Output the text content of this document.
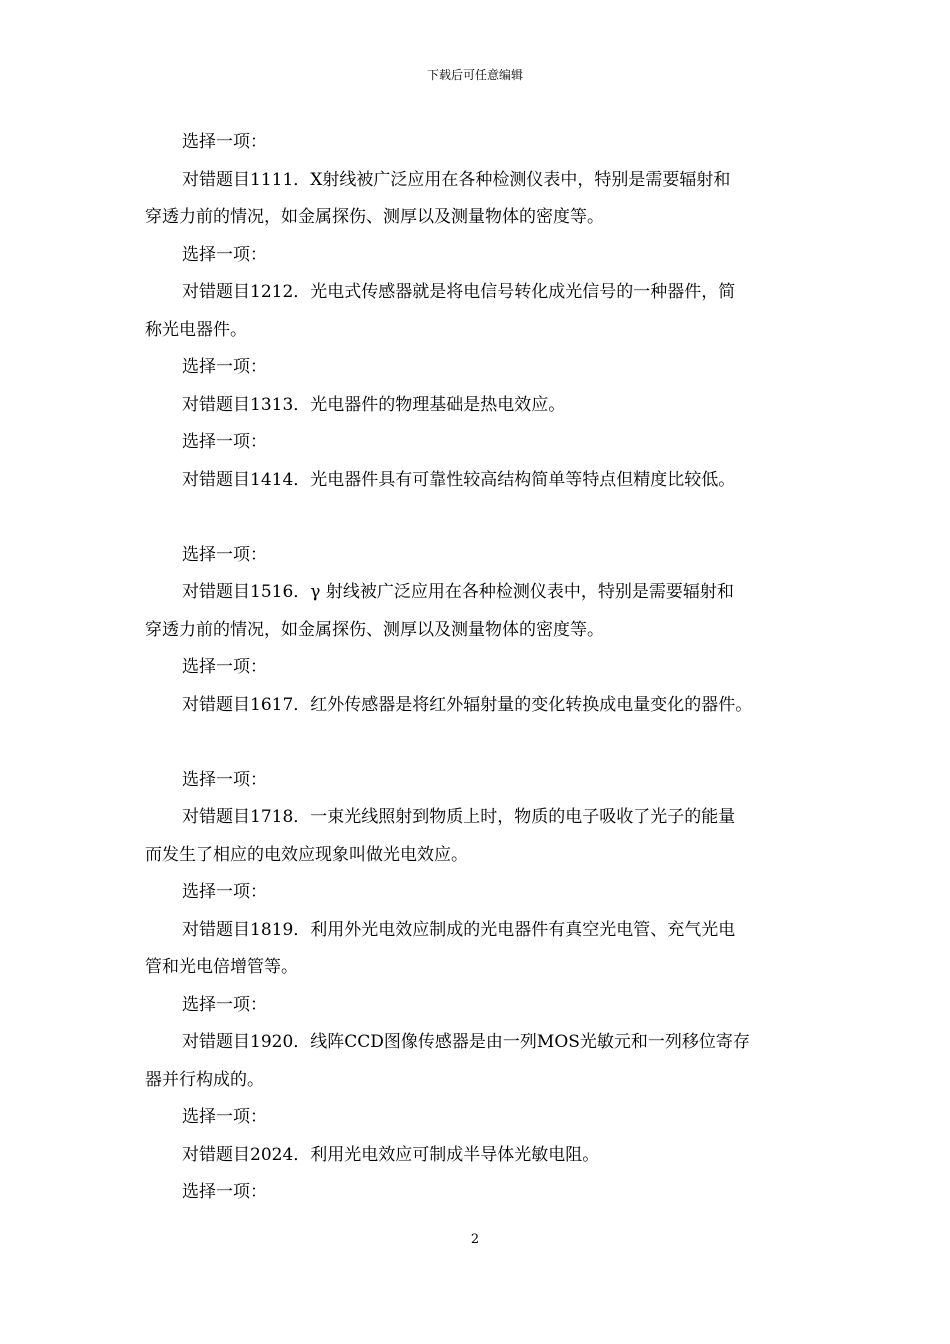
下载后可任意编辑
选择一项：
对错题目1111．X射线被广泛应用在各种检测仪表中，特别是需要辐射和
穿透力前的情况，如金属探伤、测厚以及测量物体的密度等。
选择一项：
对错题目1212．光电式传感器就是将电信号转化成光信号的一种器件，简
称光电器件。
选择一项：
对错题目1313．光电器件的物理基础是热电效应。
选择一项：
对错题目1414．光电器件具有可靠性较高结构简单等特点但精度比较低。
选择一项：
对错题目1516．γ 射线被广泛应用在各种检测仪表中，特别是需要辐射和
穿透力前的情况，如金属探伤、测厚以及测量物体的密度等。
选择一项：
对错题目1617．红外传感器是将红外辐射量的变化转换成电量变化的器件。
选择一项：
对错题目1718．一束光线照射到物质上时，物质的电子吸收了光子的能量
而发生了相应的电效应现象叫做光电效应。
选择一项：
对错题目1819．利用外光电效应制成的光电器件有真空光电管、充气光电
管和光电倍增管等。
选择一项：
对错题目1920．线阵CCD图像传感器是由一列MOS光敏元和一列移位寄存
器并行构成的。
选择一项：
对错题目2024．利用光电效应可制成半导体光敏电阻。
选择一项：
2
